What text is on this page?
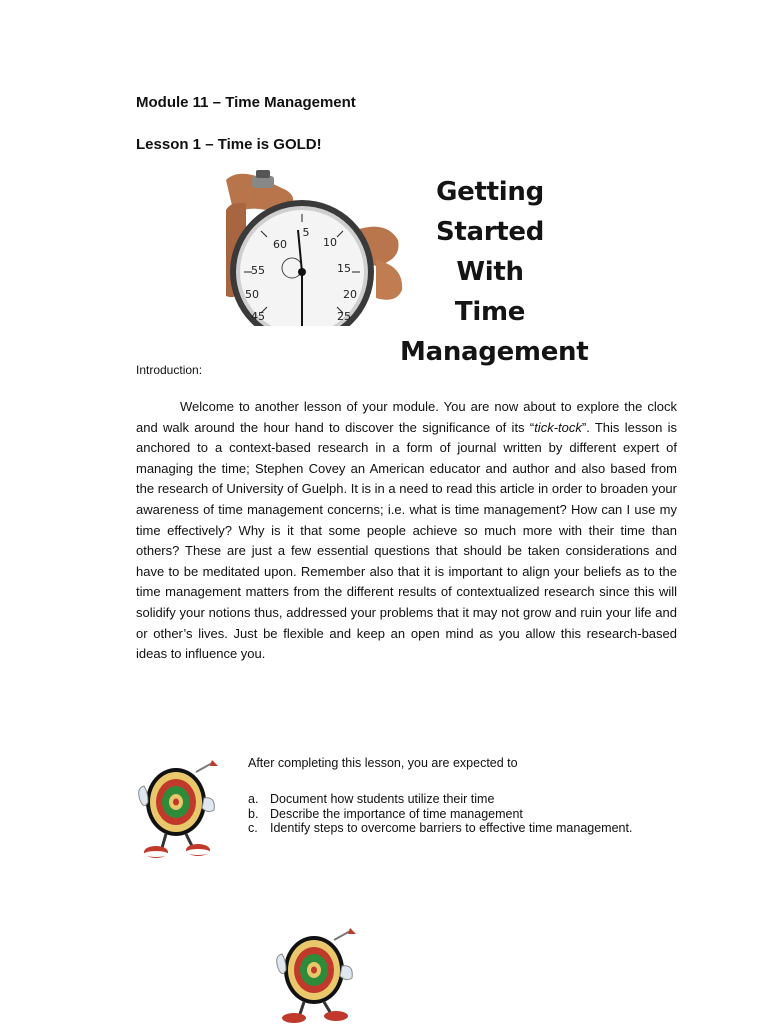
Module 11 – Time Management
Lesson 1 – Time is GOLD!
55
60
5
10
15
50	20
45	25
Getting
Started With
Time
Management
Introduction:
Welcome to another lesson of your module. You are now about to explore the clock and walk around the hour hand to discover the significance of its “tick-tock”. This lesson is anchored to a context-based research in a form of journal written by different expert of managing the time; Stephen Covey an American educator and author and also based from the research of University of Guelph. It is in a need to read this article in order to broaden your awareness of time management concerns; i.e. what is time management? How can I use my time effectively? Why is it that some people achieve so much more with their time than others? These are just a few essential questions that should be taken considerations and have to be meditated upon. Remember also that it is important to align your beliefs as to the time management matters from the different results of contextualized research since this will solidify your notions thus, addressed your problems that it may not grow and ruin your life and or other’s lives. Just be flexible and keep an open mind as you allow this research-based ideas to influence you.
After completing this lesson, you are expected to
a. Document how students utilize their time
b. Describe the importance of time management
c. Identify steps to overcome barriers to effective time management.
